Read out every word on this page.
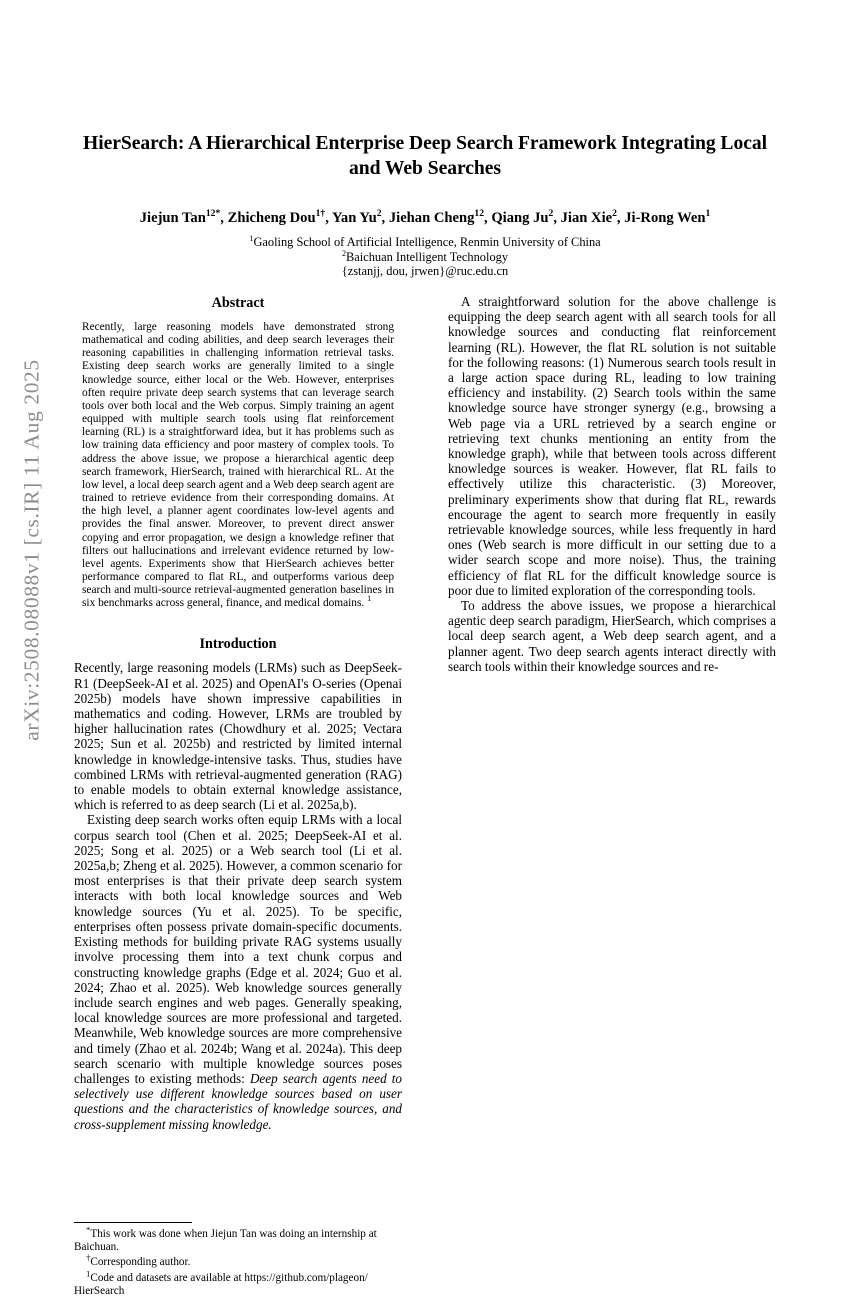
arXiv:2508.08088v1 [cs.IR] 11 Aug 2025
HierSearch: A Hierarchical Enterprise Deep Search Framework Integrating Local and Web Searches

Jiejun Tan$^{12*}$, Zhicheng Dou$^{1\dagger}$, Yan Yu$^2$, Jiehan Cheng$^{12}$, Qiang Ju$^2$, Jian Xie$^2$, Ji-Rong Wen$^1$

$^1$Gaoling School of Artificial Intelligence, Renmin University of China
$^2$Baichuan Intelligent Technology
{zstanjj, dou, jrwen}@ruc.edu.cn
Abstract

Recently, large reasoning models have demonstrated strong mathematical and coding abilities, and deep search leverages their reasoning capabilities in challenging information retrieval tasks. Existing deep search works are generally limited to a single knowledge source, either local or the Web. However, enterprises often require private deep search systems that can leverage search tools over both local and the Web corpus. Simply training an agent equipped with multiple search tools using flat reinforcement learning (RL) is a straightforward idea, but it has problems such as low training data efficiency and poor mastery of complex tools. To address the above issue, we propose a hierarchical agentic deep search framework, HierSearch, trained with hierarchical RL. At the low level, a local deep search agent and a Web deep search agent are trained to retrieve evidence from their corresponding domains. At the high level, a planner agent coordinates low-level agents and provides the final answer. Moreover, to prevent direct answer copying and error propagation, we design a knowledge refiner that filters out hallucinations and irrelevant evidence returned by low-level agents. Experiments show that HierSearch achieves better performance compared to flat RL, and outperforms various deep search and multi-source retrieval-augmented generation baselines in six benchmarks across general, finance, and medical domains. $^1$

Introduction

Recently, large reasoning models (LRMs) such as DeepSeek-R1 (DeepSeek-AI et al. 2025) and OpenAI's O-series (Openai 2025b) models have shown impressive capabilities in mathematics and coding. However, LRMs are troubled by higher hallucination rates (Chowdhury et al. 2025; Vectara 2025; Sun et al. 2025b) and restricted by limited internal knowledge in knowledge-intensive tasks. Thus, studies have combined LRMs with retrieval-augmented generation (RAG) to enable models to obtain external knowledge assistance, which is referred to as deep search (Li et al. 2025a,b).

Existing deep search works often equip LRMs with a local corpus search tool (Chen et al. 2025; DeepSeek-AI et al. 2025; Song et al. 2025) or a Web search tool (Li et al. 2025a,b; Zheng et al. 2025). However, a common scenario for most enterprises is that their private deep search system interacts with both local knowledge sources and Web knowledge sources (Yu et al. 2025). To be specific, enterprises often possess private domain-specific documents. Existing methods for building private RAG systems usually involve processing them into a text chunk corpus and constructing knowledge graphs (Edge et al. 2024; Guo et al. 2024; Zhao et al. 2025). Web knowledge sources generally include search engines and web pages. Generally speaking, local knowledge sources are more professional and targeted. Meanwhile, Web knowledge sources are more comprehensive and timely (Zhao et al. 2024b; Wang et al. 2024a). This deep search scenario with multiple knowledge sources poses challenges to existing methods: Deep search agents need to selectively use different knowledge sources based on user questions and the characteristics of knowledge sources, and cross-supplement missing knowledge.

*This work was done when Jiejun Tan was doing an internship at Baichuan.

†Corresponding author.

$^1$Code and datasets are available at https://github.com/plageon/ HierSearch

A straightforward solution for the above challenge is equipping the deep search agent with all search tools for all knowledge sources and conducting flat reinforcement learning (RL). However, the flat RL solution is not suitable for the following reasons: (1) Numerous search tools result in a large action space during RL, leading to low training efficiency and instability. (2) Search tools within the same knowledge source have stronger synergy (e.g., browsing a Web page via a URL retrieved by a search engine or retrieving text chunks mentioning an entity from the knowledge graph), while that between tools across different knowledge sources is weaker. However, flat RL fails to effectively utilize this characteristic. (3) Moreover, preliminary experiments show that during flat RL, rewards encourage the agent to search more frequently in easily retrievable knowledge sources, while less frequently in hard ones (Web search is more difficult in our setting due to a wider search scope and more noise). Thus, the training efficiency of flat RL for the difficult knowledge source is poor due to limited exploration of the corresponding tools.

To address the above issues, we propose a hierarchical agentic deep search paradigm, HierSearch, which comprises a local deep search agent, a Web deep search agent, and a planner agent. Two deep search agents interact directly with search tools within their knowledge sources and re-
